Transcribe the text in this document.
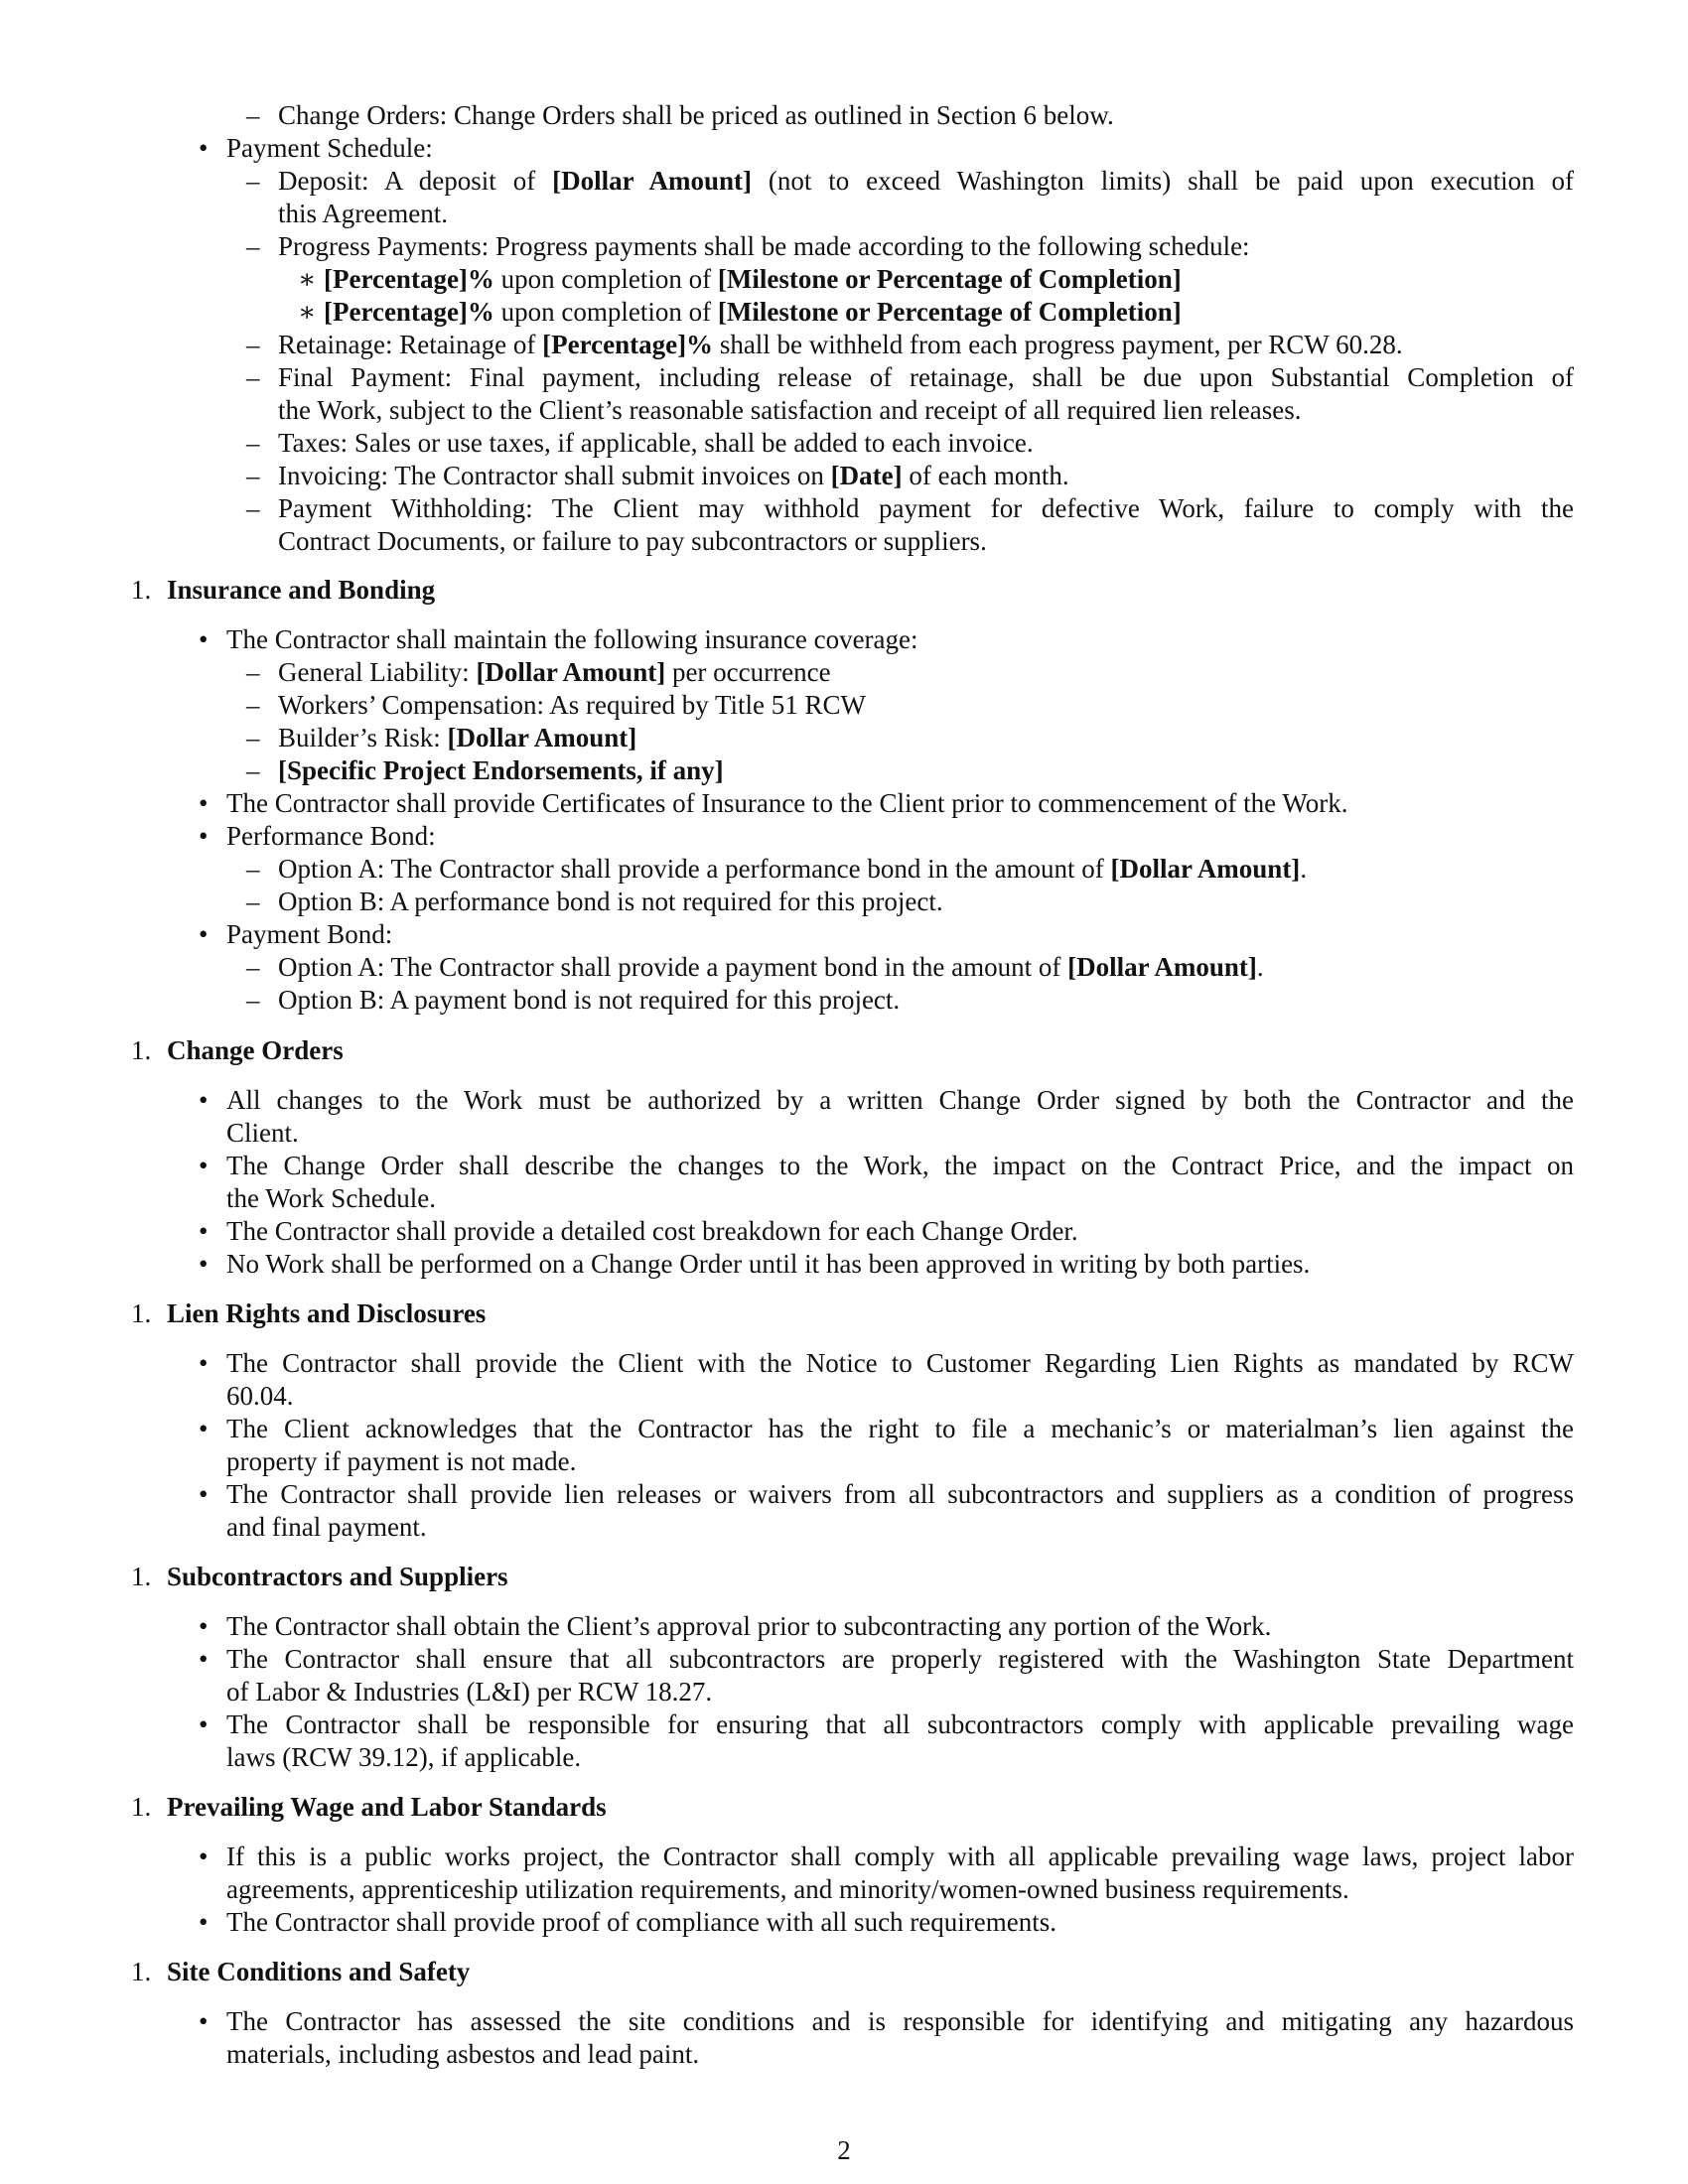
– Change Orders: Change Orders shall be priced as outlined in Section 6 below.
• Payment Schedule:
– Deposit: A deposit of [Dollar Amount] (not to exceed Washington limits) shall be paid upon execution of
this Agreement.
– Progress Payments: Progress payments shall be made according to the following schedule:
∗ [Percentage]% upon completion of [Milestone or Percentage of Completion]
∗ [Percentage]% upon completion of [Milestone or Percentage of Completion]
– Retainage: Retainage of [Percentage]% shall be withheld from each progress payment, per RCW 60.28.
– Final Payment: Final payment, including release of retainage, shall be due upon Substantial Completion of
the Work, subject to the Client’s reasonable satisfaction and receipt of all required lien releases.
– Taxes: Sales or use taxes, if applicable, shall be added to each invoice.
– Invoicing: The Contractor shall submit invoices on [Date] of each month.
– Payment Withholding: The Client may withhold payment for defective Work, failure to comply with the
Contract Documents, or failure to pay subcontractors or suppliers.
1. Insurance and Bonding
• The Contractor shall maintain the following insurance coverage:
– General Liability: [Dollar Amount] per occurrence
– Workers’ Compensation: As required by Title 51 RCW
– Builder’s Risk: [Dollar Amount]
– [Specific Project Endorsements, if any]
• The Contractor shall provide Certificates of Insurance to the Client prior to commencement of the Work.
• Performance Bond:
– Option A: The Contractor shall provide a performance bond in the amount of [Dollar Amount].
– Option B: A performance bond is not required for this project.
• Payment Bond:
– Option A: The Contractor shall provide a payment bond in the amount of [Dollar Amount].
– Option B: A payment bond is not required for this project.
1. Change Orders
• All changes to the Work must be authorized by a written Change Order signed by both the Contractor and the
Client.
• The Change Order shall describe the changes to the Work, the impact on the Contract Price, and the impact on
the Work Schedule.
• The Contractor shall provide a detailed cost breakdown for each Change Order.
• No Work shall be performed on a Change Order until it has been approved in writing by both parties.
1. Lien Rights and Disclosures
• The Contractor shall provide the Client with the Notice to Customer Regarding Lien Rights as mandated by RCW
60.04.
• The Client acknowledges that the Contractor has the right to file a mechanic’s or materialman’s lien against the
property if payment is not made.
• The Contractor shall provide lien releases or waivers from all subcontractors and suppliers as a condition of progress
and final payment.
1. Subcontractors and Suppliers
• The Contractor shall obtain the Client’s approval prior to subcontracting any portion of the Work.
• The Contractor shall ensure that all subcontractors are properly registered with the Washington State Department
of Labor & Industries (L&I) per RCW 18.27.
• The Contractor shall be responsible for ensuring that all subcontractors comply with applicable prevailing wage
laws (RCW 39.12), if applicable.
1. Prevailing Wage and Labor Standards
• If this is a public works project, the Contractor shall comply with all applicable prevailing wage laws, project labor
agreements, apprenticeship utilization requirements, and minority/women-owned business requirements.
• The Contractor shall provide proof of compliance with all such requirements.
1. Site Conditions and Safety
• The Contractor has assessed the site conditions and is responsible for identifying and mitigating any hazardous
materials, including asbestos and lead paint.
2
